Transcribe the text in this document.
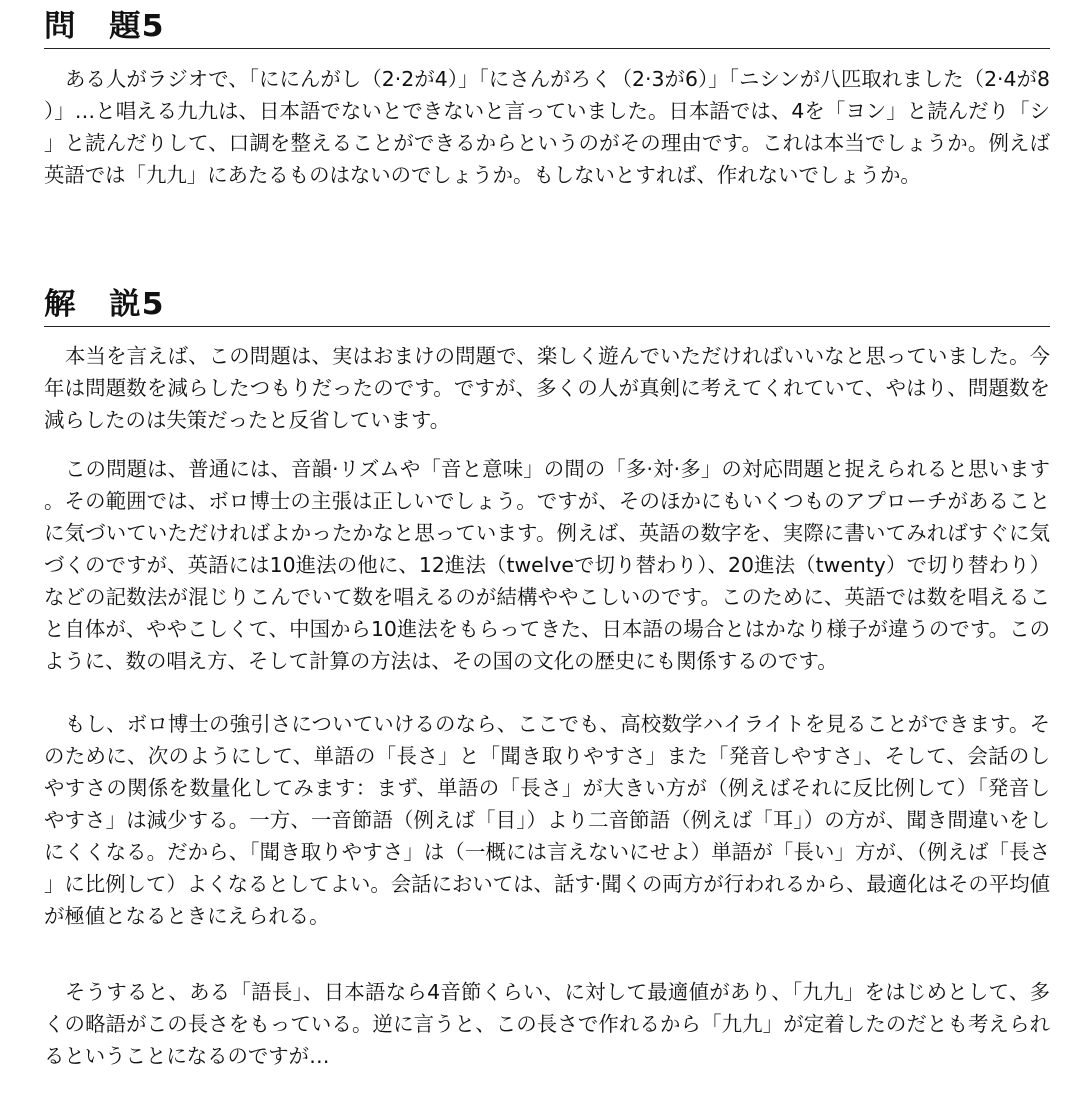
問　題5

ある人がラジオで、「ににんがし（2·2が4）」「にさんがろく（2·3が6）」「ニシンが八匹取れました（2·4が8）」…と唱える九九は、日本語でないとできないと言っていました。日本語では、4を「ヨン」と読んだり「シ」と読んだりして、口調を整えることができるからというのがその理由です。これは本当でしょうか。例えば英語では「九九」にあたるものはないのでしょうか。もしないとすれば、作れないでしょうか。

解　説5

本当を言えば、この問題は、実はおまけの問題で、楽しく遊んでいただければいいなと思っていました。今年は問題数を減らしたつもりだったのです。ですが、多くの人が真剣に考えてくれていて、やはり、問題数を減らしたのは失策だったと反省しています。

この問題は、普通には、音韻·リズムや「音と意味」の間の「多·対·多」の対応問題と捉えられると思います。その範囲では、ボロ博士の主張は正しいでしょう。ですが、そのほかにもいくつものアプローチがあることに気づいていただければよかったかなと思っています。例えば、英語の数字を、実際に書いてみればすぐに気づくのですが、英語には10進法の他に、12進法（twelveで切り替わり）、20進法（twenty）で切り替わり）などの記数法が混じりこんでいて数を唱えるのが結構ややこしいのです。このために、英語では数を唱えること自体が、ややこしくて、中国から10進法をもらってきた、日本語の場合とはかなり様子が違うのです。このように、数の唱え方、そして計算の方法は、その国の文化の歴史にも関係するのです。

もし、ボロ博士の強引さについていけるのなら、ここでも、高校数学ハイライトを見ることができます。そのために、次のようにして、単語の「長さ」と「聞き取りやすさ」また「発音しやすさ」、そして、会話のしやすさの関係を数量化してみます：まず、単語の「長さ」が大きい方が（例えばそれに反比例して）「発音しやすさ」は減少する。一方、一音節語（例えば「目」）より二音節語（例えば「耳」）の方が、聞き間違いをしにくくなる。だから、「聞き取りやすさ」は（一概には言えないにせよ）単語が「長い」方が、（例えば「長さ」に比例して）よくなるとしてよい。会話においては、話す·聞くの両方が行われるから、最適化はその平均値が極値となるときにえられる。

そうすると、ある「語長」、日本語なら4音節くらい、に対して最適値があり、「九九」をはじめとして、多くの略語がこの長さをもっている。逆に言うと、この長さで作れるから「九九」が定着したのだとも考えられるということになるのですが…
